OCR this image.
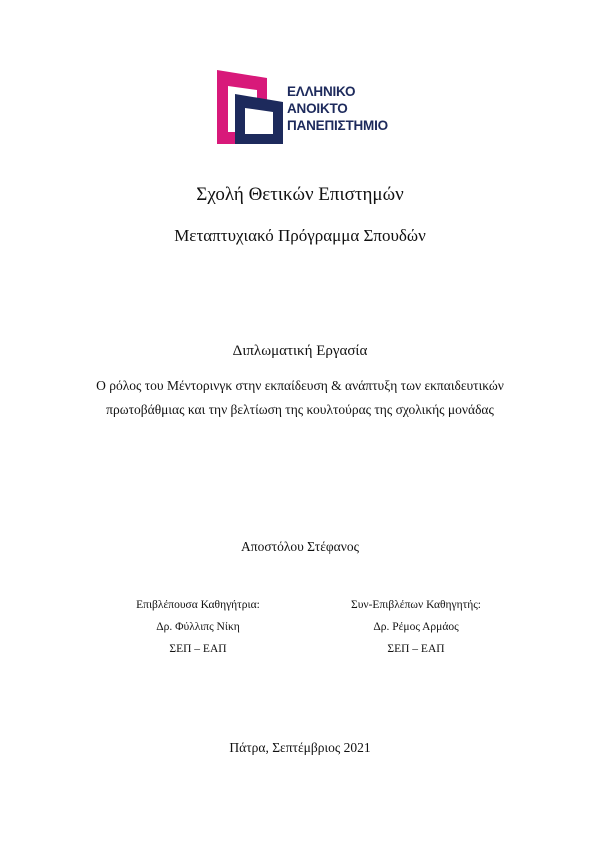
ΕΛΛΗΝΙΚΟ
ΑΝΟΙΚΤΟ
ΠΑΝΕΠΙΣΤΗΜΙΟ
Σχολή Θετικών Επιστημών
Μεταπτυχιακό Πρόγραμμα Σπουδών
Διπλωματική Εργασία
Ο ρόλος του Μέντορινγκ στην εκπαίδευση & ανάπτυξη των εκπαιδευτικών
πρωτοβάθμιας και την βελτίωση της κουλτούρας της σχολικής μονάδας
Αποστόλου Στέφανος
Επιβλέπουσα Καθηγήτρια:
Δρ. Φύλλιπς Νίκη
ΣΕΠ – ΕΑΠ
Συν-Επιβλέπων Καθηγητής:
Δρ. Ρέμος Αρμάος
ΣΕΠ – ΕΑΠ
Πάτρα, Σεπτέμβριος 2021
